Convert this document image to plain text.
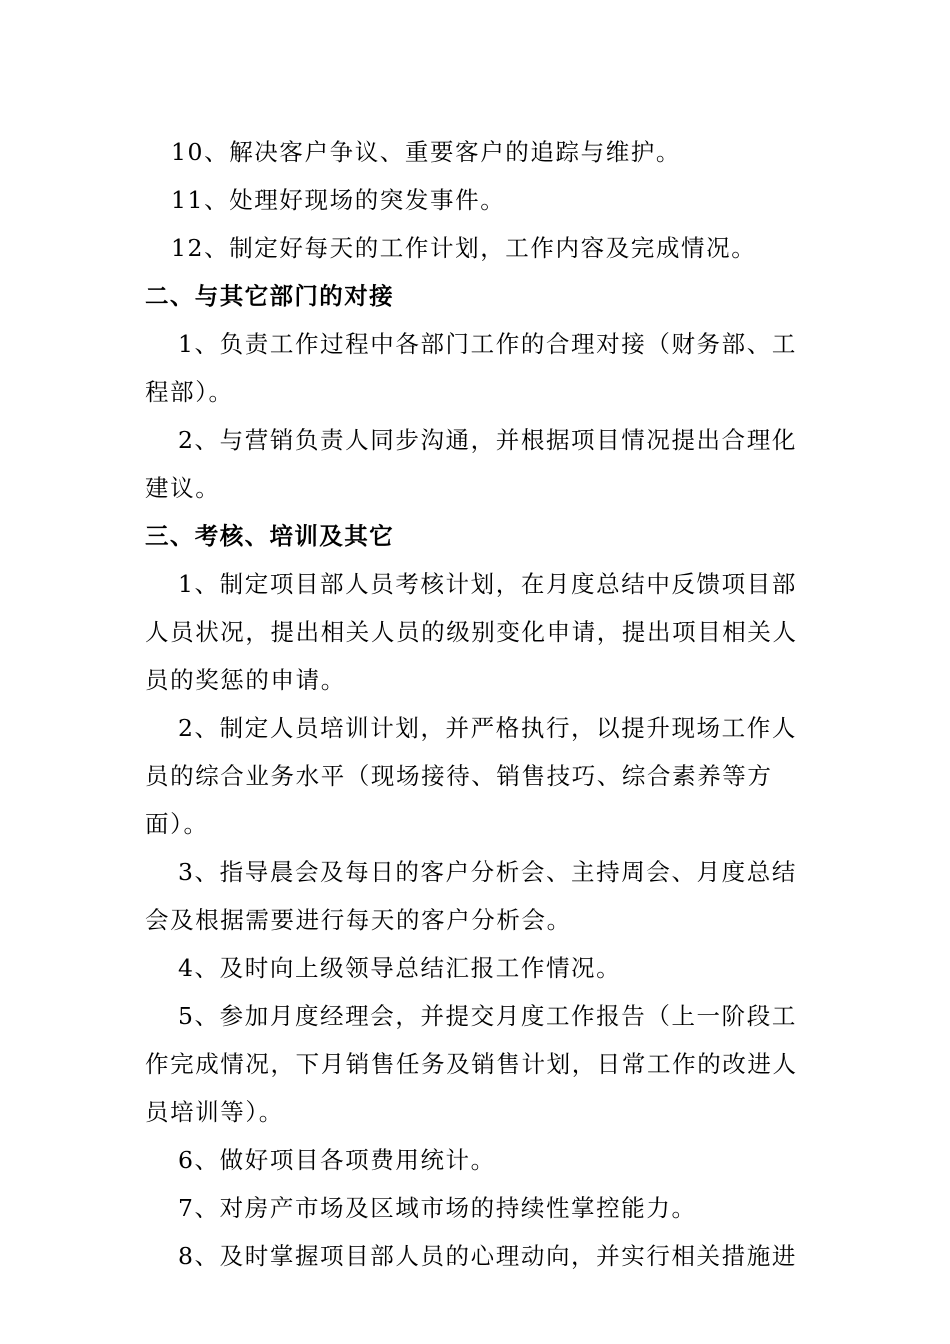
10、解决客户争议、重要客户的追踪与维护。

11、处理好现场的突发事件。

12、制定好每天的工作计划，工作内容及完成情况。

二、与其它部门的对接

1、负责工作过程中各部门工作的合理对接（财务部、工程部）。

2、与营销负责人同步沟通，并根据项目情况提出合理化建议。

三、考核、培训及其它

1、制定项目部人员考核计划，在月度总结中反馈项目部人员状况，提出相关人员的级别变化申请，提出项目相关人员的奖惩的申请。

2、制定人员培训计划，并严格执行，以提升现场工作人员的综合业务水平（现场接待、销售技巧、综合素养等方面）。

3、指导晨会及每日的客户分析会、主持周会、月度总结会及根据需要进行每天的客户分析会。

4、及时向上级领导总结汇报工作情况。

5、参加月度经理会，并提交月度工作报告（上一阶段工作完成情况，下月销售任务及销售计划，日常工作的改进人员培训等）。

6、做好项目各项费用统计。

7、对房产市场及区域市场的持续性掌控能力。

8、及时掌握项目部人员的心理动向，并实行相关措施进
